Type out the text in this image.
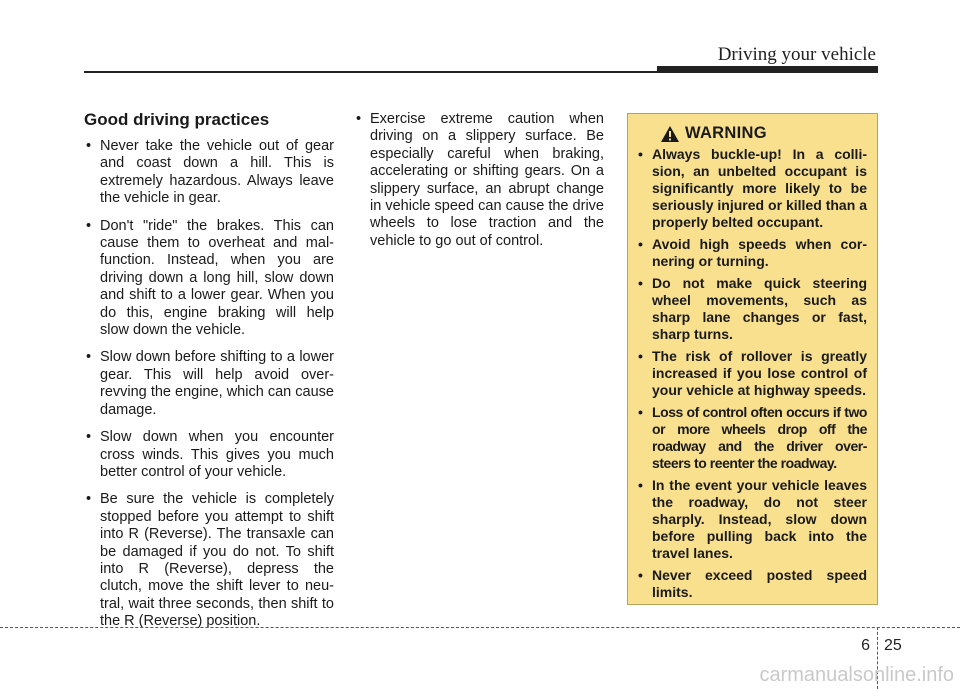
Driving your vehicle
Good driving practices
• Never take the vehicle out of gear and coast down a hill. This is extremely hazardous. Always leave the vehicle in gear.
• Don't "ride" the brakes. This can cause them to overheat and mal-function. Instead, when you are driving down a long hill, slow down and shift to a lower gear. When you do this, engine braking will help slow down the vehicle.
• Slow down before shifting to a lower gear. This will help avoid over-revving the engine, which can cause damage.
• Slow down when you encounter cross winds. This gives you much better control of your vehicle.
• Be sure the vehicle is completely stopped before you attempt to shift into R (Reverse). The transaxle can be damaged if you do not. To shift into R (Reverse), depress the clutch, move the shift lever to neu-tral, wait three seconds, then shift to the R (Reverse) position.
• Exercise extreme caution when driving on a slippery surface. Be especially careful when braking, accelerating or shifting gears. On a slippery surface, an abrupt change in vehicle speed can cause the drive wheels to lose traction and the vehicle to go out of control.
WARNING
• Always buckle-up! In a colli-sion, an unbelted occupant is significantly more likely to be seriously injured or killed than a properly belted occupant.
• Avoid high speeds when cor-nering or turning.
• Do not make quick steering wheel movements, such as sharp lane changes or fast, sharp turns.
• The risk of rollover is greatly increased if you lose control of your vehicle at highway speeds.
• Loss of control often occurs if two or more wheels drop off the roadway and the driver over-steers to reenter the roadway.
• In the event your vehicle leaves the roadway, do not steer sharply. Instead, slow down before pulling back into the travel lanes.
• Never exceed posted speed limits.
6 25
carmanualsonline.info
